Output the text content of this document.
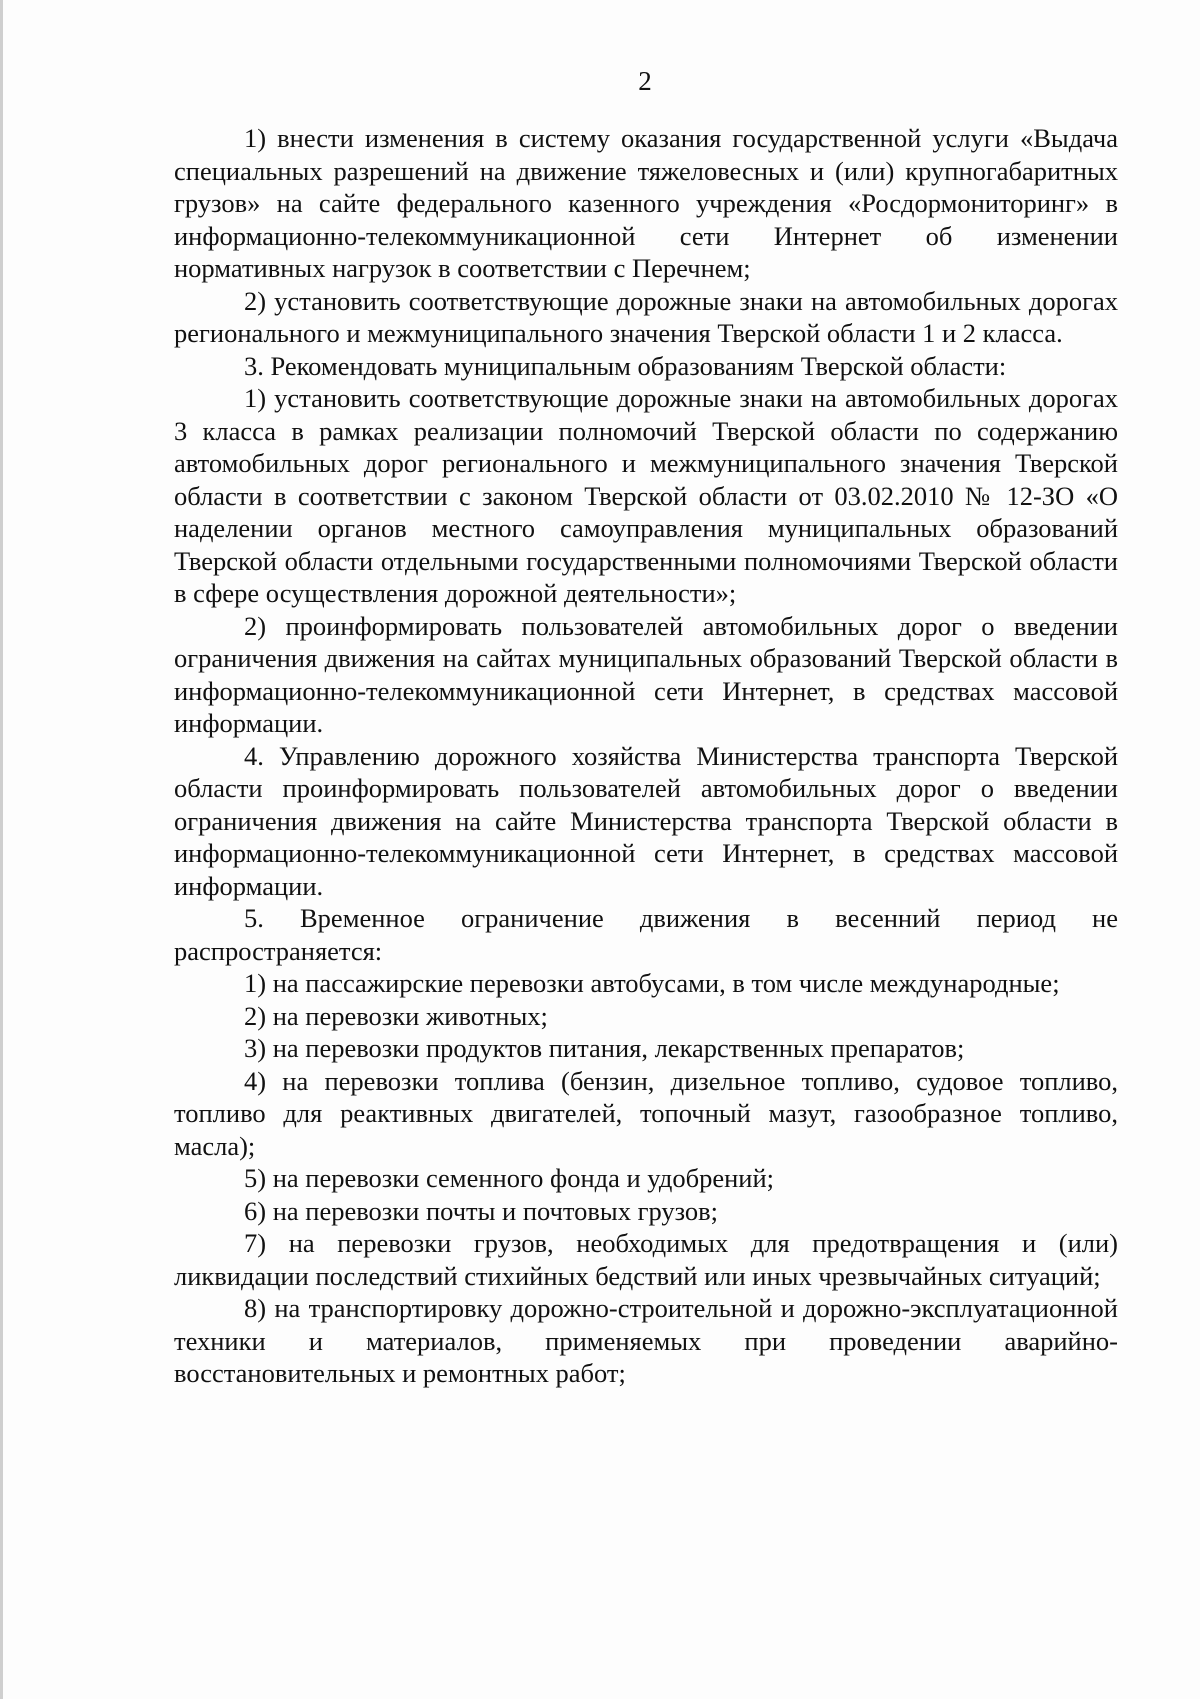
2

1) внести изменения в систему оказания государственной услуги «Выдача специальных разрешений на движение тяжеловесных и (или) крупногабаритных грузов» на сайте федерального казенного учреждения «Росдормониторинг» в информационно-телекоммуникационной сети Интернет об изменении нормативных нагрузок в соответствии с Перечнем;

2) установить соответствующие дорожные знаки на автомобильных дорогах регионального и межмуниципального значения Тверской области 1 и 2 класса.

3. Рекомендовать муниципальным образованиям Тверской области:

1) установить соответствующие дорожные знаки на автомобильных дорогах 3 класса в рамках реализации полномочий Тверской области по содержанию автомобильных дорог регионального и межмуниципального значения Тверской области в соответствии с законом Тверской области от 03.02.2010 № 12-ЗО «О наделении органов местного самоуправления муниципальных образований Тверской области отдельными государственными полномочиями Тверской области в сфере осуществления дорожной деятельности»;

2) проинформировать пользователей автомобильных дорог о введении ограничения движения на сайтах муниципальных образований Тверской области в информационно-телекоммуникационной сети Интернет, в средствах массовой информации.

4. Управлению дорожного хозяйства Министерства транспорта Тверской области проинформировать пользователей автомобильных дорог о введении ограничения движения на сайте Министерства транспорта Тверской области в информационно-телекоммуникационной сети Интернет, в средствах массовой информации.

5. Временное ограничение движения в весенний период не распространяется:

1) на пассажирские перевозки автобусами, в том числе международные;

2) на перевозки животных;

3) на перевозки продуктов питания, лекарственных препаратов;

4) на перевозки топлива (бензин, дизельное топливо, судовое топливо, топливо для реактивных двигателей, топочный мазут, газообразное топливо, масла);

5) на перевозки семенного фонда и удобрений;

6) на перевозки почты и почтовых грузов;

7) на перевозки грузов, необходимых для предотвращения и (или) ликвидации последствий стихийных бедствий или иных чрезвычайных ситуаций;

8) на транспортировку дорожно-строительной и дорожно-эксплуатационной техники и материалов, применяемых при проведении аварийно-восстановительных и ремонтных работ;
